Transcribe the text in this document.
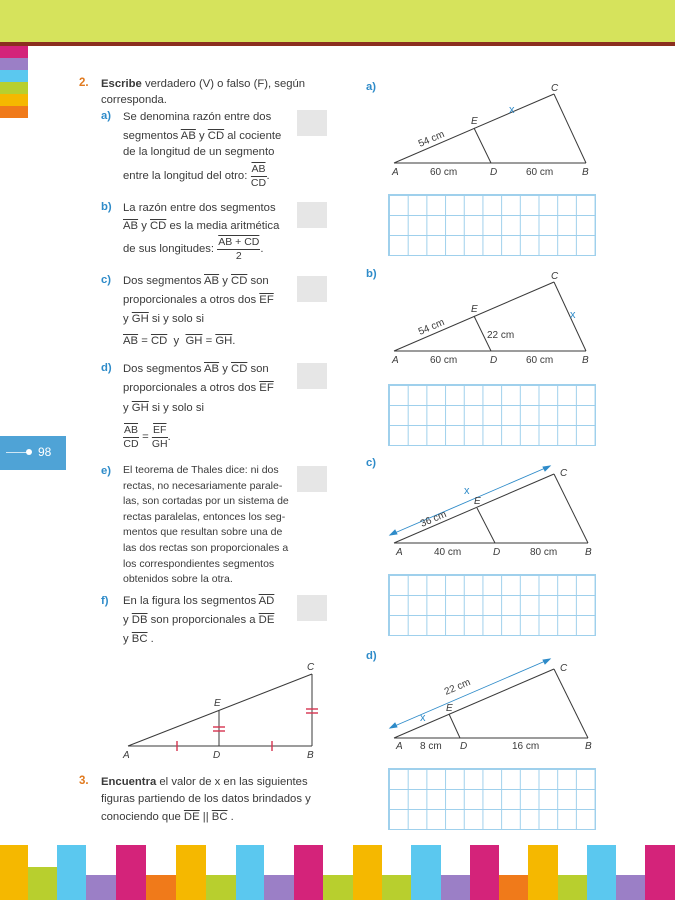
98
2. Escribe verdadero (V) o falso (F), según
corresponda.
a) Se denomina razón entre dos
segmentos $\overline{AB}$ y $\overline{CD}$ al cociente
de la longitud de un segmento
entre la longitud del otro: $\frac{\overline{AB}}{CD}$ .
b) La razón entre dos segmentos
$\overline{AB}$ y $\overline{CD}$ es la media aritmética
de sus longitudes: $\frac{AB + CD}{2}$ .
c) Dos segmentos $\overline{AB}$ y $\overline{CD}$ son
proporcionales a otros dos $\overline{EF}$
y $\overline{GH}$ si y solo si
$\overline{AB} = \overline{CD}$  y  $\overline{GH} = \overline{GH}$.
d) Dos segmentos $\overline{AB}$ y $\overline{CD}$ son
proporcionales a otros dos $\overline{EF}$
y $\overline{GH}$ si y solo si
$\frac{\overline{AB}}{CD} = \frac{\overline{EF}}{GH}$ .
e) El teorema de Thales dice: ni dos
rectas, no necesariamente parale-
las, son cortadas por un sistema de
rectas paralelas, entonces los seg-
mentos que resultan sobre una de
las dos rectas son proporcionales a
los correspondientes segmentos
obtenidos sobre la otra.
f) En la figura los segmentos $\overline{AD}$
y $\overline{DB}$ son proporcionales a $\overline{DE}$
y $\overline{BC}$ .
A	D	B
C
E
3. Encuentra el valor de x en las siguientes
figuras partiendo de los datos brindados y
conociendo que $\overline{DE}$ || $\overline{BC}$ .
a)
A	D	B
C
E
60 cm	60 cm
54 cm
x
b)
A	D	B
C
E
60 cm	60 cm
22 cm
54 cm
x
c)
A	D	B
C
E
40 cm	80 cm
36 cm
x
d)
A	D	B
C
E
8 cm	16 cm
22 cm
x
